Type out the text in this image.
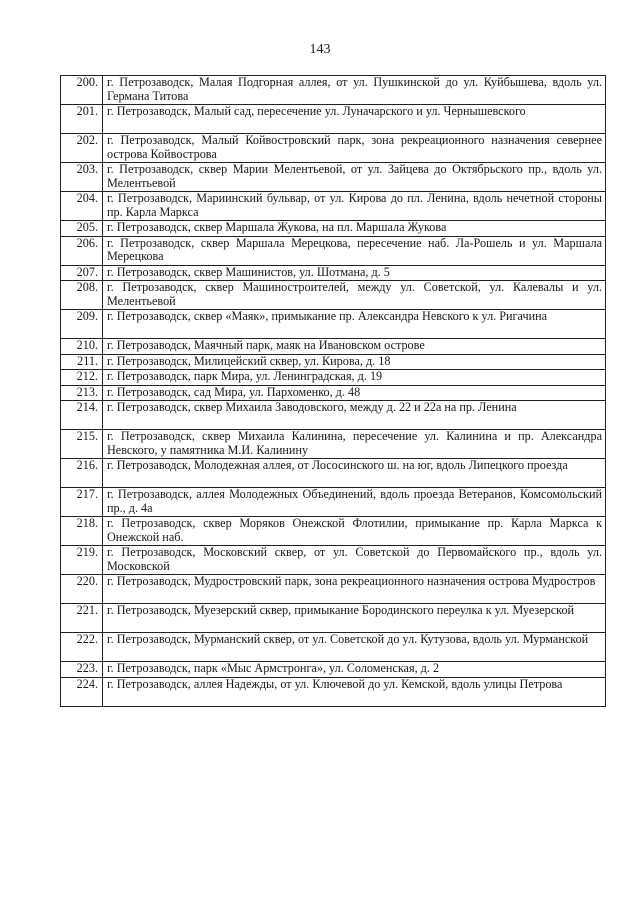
143
200.	г. Петрозаводск, Малая Подгорная аллея, от ул. Пушкинской до ул. Куйбышева, вдоль ул. Германа Титова
201.	г. Петрозаводск, Малый сад, пересечение ул. Луначарского и ул. Чернышевского
202.	г. Петрозаводск, Малый Койвостровский парк, зона рекреационного назначения севернее острова Койвострова
203.	г. Петрозаводск, сквер Марии Мелентьевой, от ул. Зайцева до Октябрьского пр., вдоль ул. Мелентьевой
204.	г. Петрозаводск, Мариинский бульвар, от ул. Кирова до пл. Ленина, вдоль нечетной стороны пр. Карла Маркса
205.	г. Петрозаводск, сквер Маршала Жукова, на пл. Маршала Жукова
206.	г. Петрозаводск, сквер Маршала Мерецкова, пересечение наб. Ла-Рошель и ул. Маршала Мерецкова
207.	г. Петрозаводск, сквер Машинистов, ул. Шотмана, д. 5
208.	г. Петрозаводск, сквер Машиностроителей, между ул. Советской, ул. Калевалы и ул. Мелентьевой
209.	г. Петрозаводск, сквер «Маяк», примыкание пр. Александра Невского к ул. Ригачина
210.	г. Петрозаводск, Маячный парк, маяк на Ивановском острове
211.	г. Петрозаводск, Милицейский сквер, ул. Кирова, д. 18
212.	г. Петрозаводск, парк Мира, ул. Ленинградская, д. 19
213.	г. Петрозаводск, сад Мира, ул. Пархоменко, д. 48
214.	г. Петрозаводск, сквер Михаила Заводовского, между д. 22 и 22а на пр. Ленина
215.	г. Петрозаводск, сквер Михаила Калинина, пересечение ул. Калинина и пр. Александра Невского, у памятника М.И. Калинину
216.	г. Петрозаводск, Молодежная аллея, от Лососинского ш. на юг, вдоль Липецкого проезда
217.	г. Петрозаводск, аллея Молодежных Объединений, вдоль проезда Ветеранов, Комсомольский пр., д. 4а
218.	г. Петрозаводск, сквер Моряков Онежской Флотилии, примыкание пр. Карла Маркса к Онежской наб.
219.	г. Петрозаводск, Московский сквер, от ул. Советской до Первомайского пр., вдоль ул. Московской
220.	г. Петрозаводск, Мудростровский парк, зона рекреационного назначения острова Мудростров
221.	г. Петрозаводск, Муезерский сквер, примыкание Бородинского переулка к ул. Муезерской
222.	г. Петрозаводск, Мурманский сквер, от ул. Советской до ул. Кутузова, вдоль ул. Мурманской
223.	г. Петрозаводск, парк «Мыс Армстронга», ул. Соломенская, д. 2
224.	г. Петрозаводск, аллея Надежды, от ул. Ключевой до ул. Кемской, вдоль улицы Петрова
